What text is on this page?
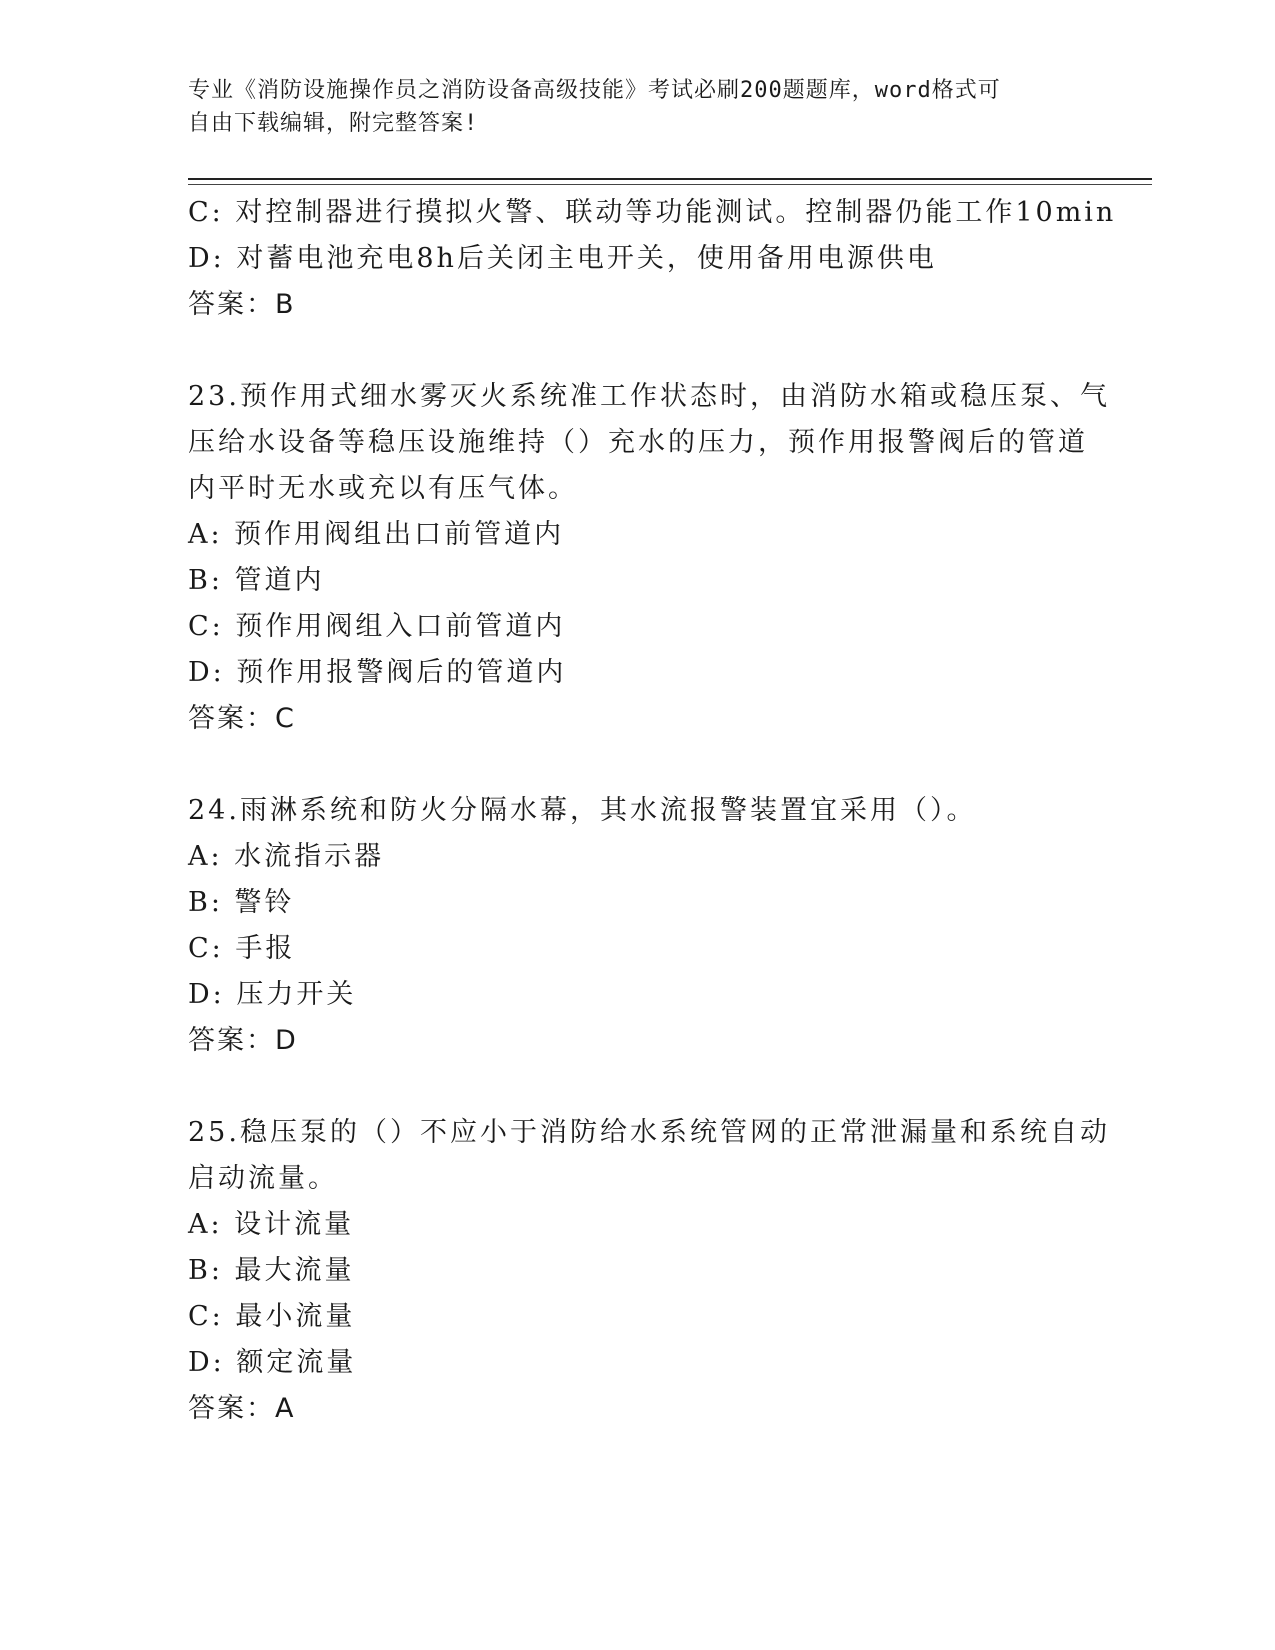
专业《消防设施操作员之消防设备高级技能》考试必刷200题题库，word格式可
自由下载编辑，附完整答案!
C: 对控制器进行摸拟火警、联动等功能测试。控制器仍能工作10min
D: 对蓄电池充电8h后关闭主电开关，使用备用电源供电
答案：B
23.预作用式细水雾灭火系统准工作状态时，由消防水箱或稳压泵、气
压给水设备等稳压设施维持（）充水的压力，预作用报警阀后的管道
内平时无水或充以有压气体。
A: 预作用阀组出口前管道内
B: 管道内
C: 预作用阀组入口前管道内
D: 预作用报警阀后的管道内
答案：C
24.雨淋系统和防火分隔水幕，其水流报警装置宜采用（）。
A: 水流指示器
B: 警铃
C: 手报
D: 压力开关
答案：D
25.稳压泵的（）不应小于消防给水系统管网的正常泄漏量和系统自动
启动流量。
A: 设计流量
B: 最大流量
C: 最小流量
D: 额定流量
答案：A
